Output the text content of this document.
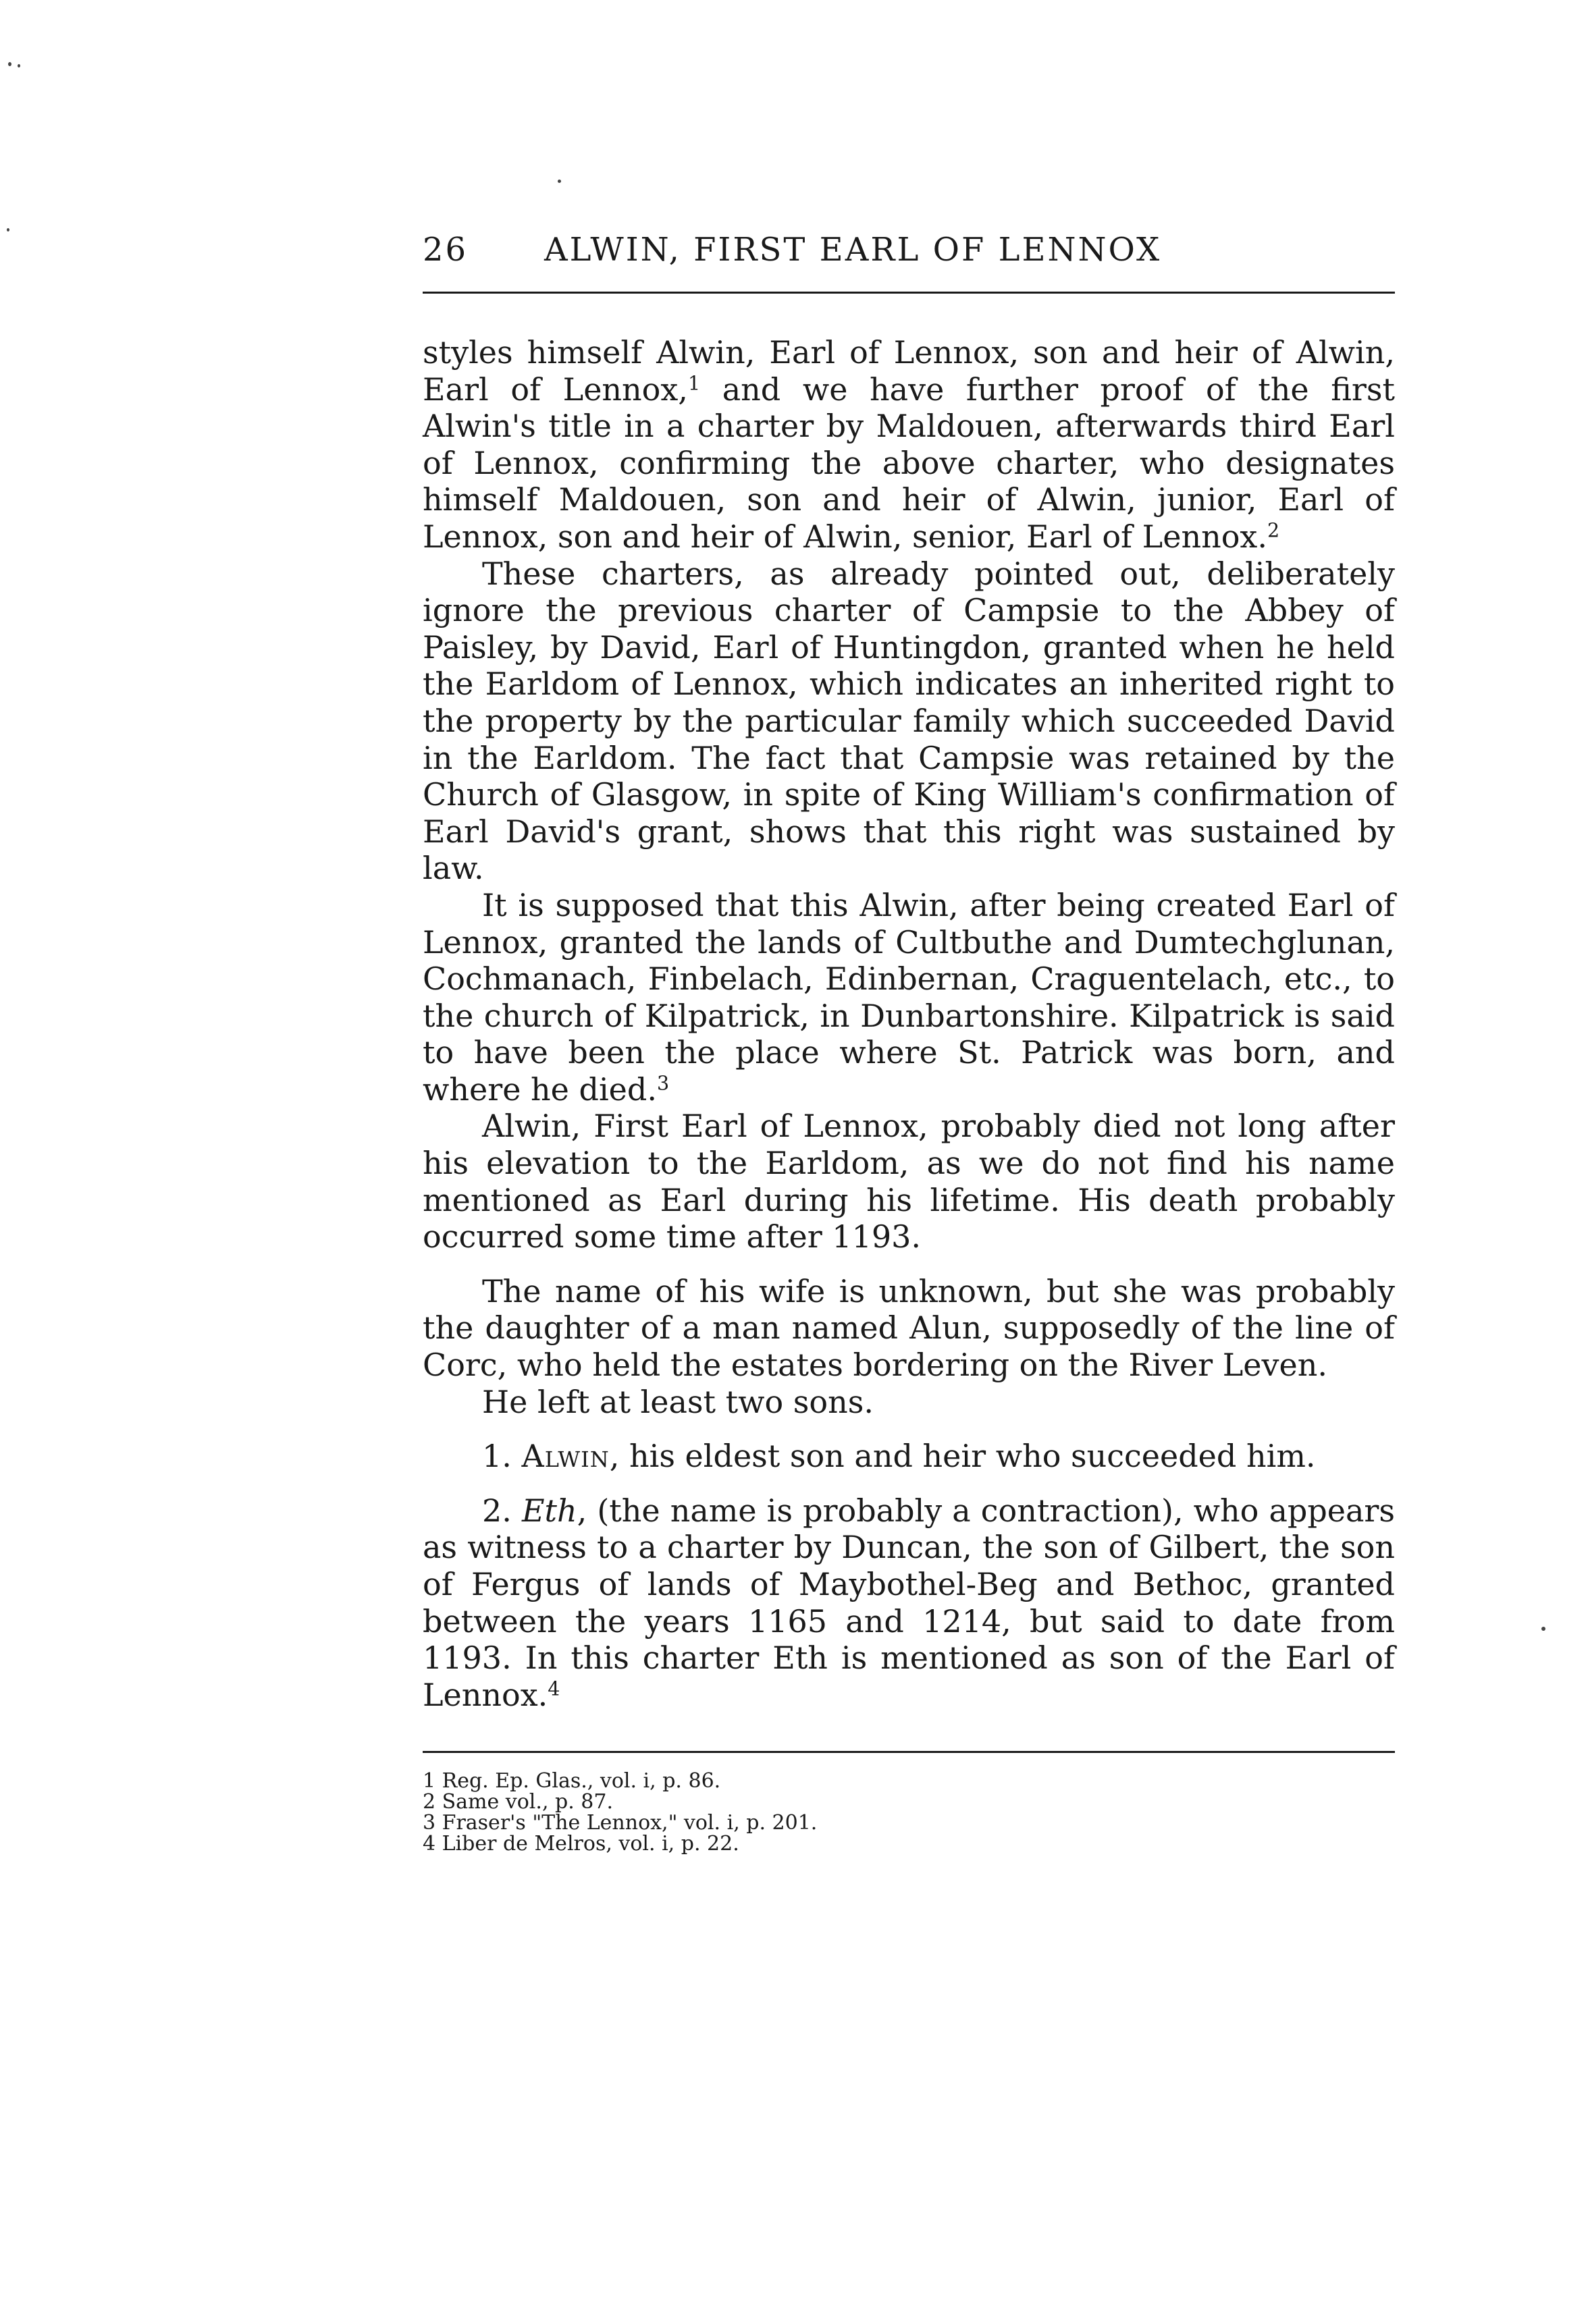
26 ALWIN, FIRST EARL OF LENNOX

styles himself Alwin, Earl of Lennox, son and heir of Alwin, Earl of Lennox,$^1$ and we have further proof of the first Alwin's title in a charter by Maldouen, afterwards third Earl of Lennox, confirming the above charter, who designates himself Maldouen, son and heir of Alwin, junior, Earl of Lennox, son and heir of Alwin, senior, Earl of Lennox.$^2$

These charters, as already pointed out, deliberately ignore the previous charter of Campsie to the Abbey of Paisley, by David, Earl of Huntingdon, granted when he held the Earldom of Lennox, which indicates an inherited right to the property by the particular family which succeeded David in the Earldom. The fact that Campsie was retained by the Church of Glasgow, in spite of King William's confirmation of Earl David's grant, shows that this right was sustained by law.

It is supposed that this Alwin, after being created Earl of Lennox, granted the lands of Cultbuthe and Dumtechglunan, Cochmanach, Finbelach, Edinbernan, Craguentelach, etc., to the church of Kilpatrick, in Dunbartonshire. Kilpatrick is said to have been the place where St. Patrick was born, and where he died.$^3$

Alwin, First Earl of Lennox, probably died not long after his elevation to the Earldom, as we do not find his name mentioned as Earl during his lifetime. His death probably occurred some time after 1193.

The name of his wife is unknown, but she was probably the daughter of a man named Alun, supposedly of the line of Corc, who held the estates bordering on the River Leven.

He left at least two sons.

1. Alwin, his eldest son and heir who succeeded him.

2. Eth, (the name is probably a contraction), who appears as witness to a charter by Duncan, the son of Gilbert, the son of Fergus of lands of Maybothel-Beg and Bethoc, granted between the years 1165 and 1214, but said to date from 1193. In this charter Eth is mentioned as son of the Earl of Lennox.$^4$

1 Reg. Ep. Glas., vol. i, p. 86.
2 Same vol., p. 87.
3 Fraser's "The Lennox," vol. i, p. 201.
4 Liber de Melros, vol. i, p. 22.
